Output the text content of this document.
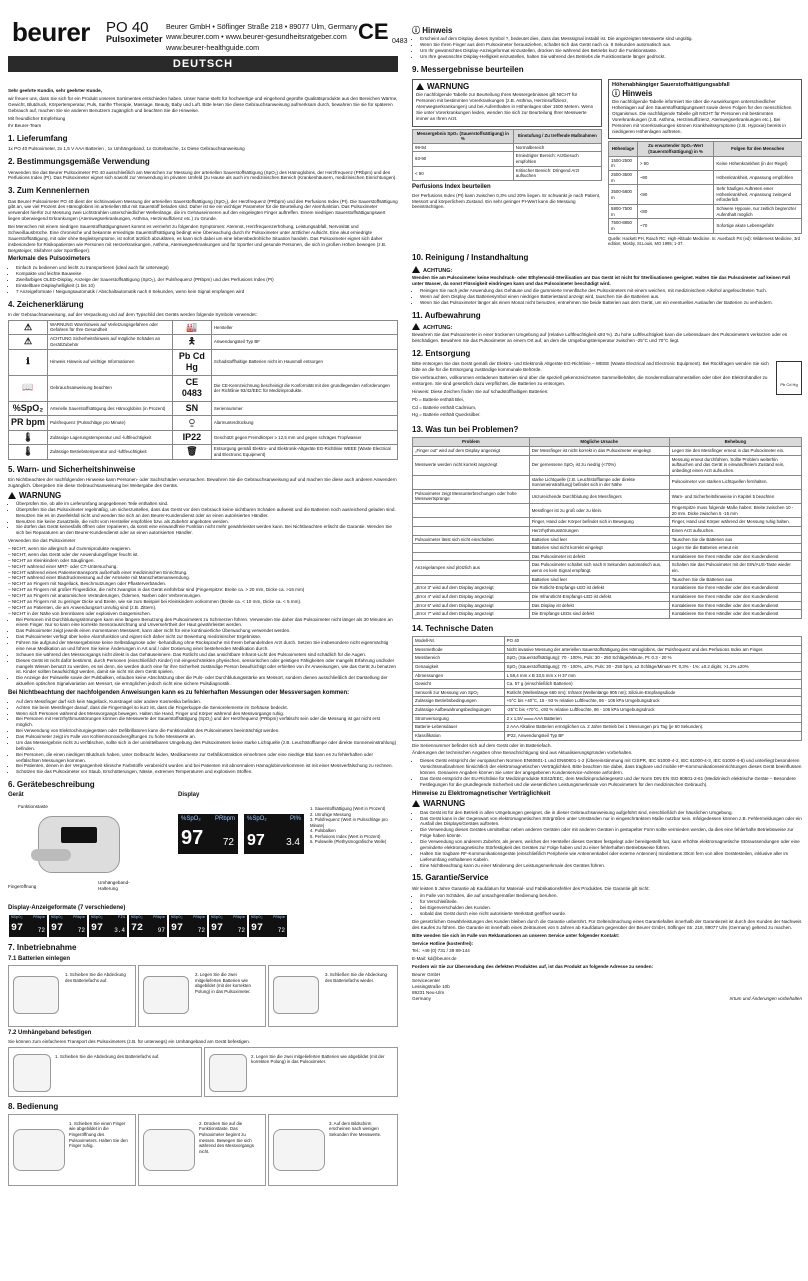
beurer PO 40
Pulsoximeter
Beurer GmbH • Söflinger Straße 218 • 89077 Ulm, Germany
www.beurer.com • www.beurer-gesundheitsratgeber.com
www.beurer-healthguide.com
CE 0483
DEUTSCH

Sehr geehrte Kundin, sehr geehrter Kunde,

wir freuen uns, dass Sie sich für ein Produkt unseres Sortimentes entschieden haben. Unser Name steht für hochwertige und eingehend geprüfte Qualitätsprodukte aus den Bereichen Wärme, Gewicht, Blutdruck, Körpertemperatur, Puls, Sanfte Therapie, Massage, Beauty, Baby und Luft. Bitte lesen Sie diese Gebrauchsanweisung aufmerksam durch, bewahren Sie sie für späteren Gebrauch auf, machen Sie sie anderen Benutzern zugänglich und beachten Sie die Hinweise.

Mit freundlicher Empfehlung

Ihr Beurer-Team

1. Lieferumfang

1x PO 40 Pulsoximeter, 2x 1,5 V AAA Batterien , 1x Umhängeband, 1x Gürteltasche, 1x Diese Gebrauchsanweisung

2. Bestimmungsgemäße Verwendung

Verwenden Sie das Beurer Pulsoximeter PO 40 ausschließlich am Menschen zur Messung der arteriellen Sauerstoffsättigung (SpO₂) des Hämoglobins, der Herzfrequenz (PRbpm) und des Perfusions Index (PI). Das Pulsoximeter eignet sich sowohl zur Verwendung im privaten Umfeld (zu Hause als auch im medizinischen Bereich (Krankenhäusern, medizinischen Einrichtungen).

3. Zum Kennenlernen

Das Beurer Pulsoximeter PO 40 dient der nichtinvasiven Messung der arteriellen Sauerstoffsättigung (SpO₂), der Herzfrequenz (PRbpm) und des Perfusions Index (PI). Die Sauerstoffsättigung gibt an, wie viel Prozent des Hämoglobins im arteriellen Blut mit Sauerstoff beladen sind. Daher ist sie ein wichtiger Parameter für die Beurteilung der Atemfunktion. Das Pulsoximeter verwendet hierfür zur Messung zwei Lichtstrahlen unterschiedlicher Wellenlänge, die im Gehäuseinneren auf den eingelegten Finger auftreffen. Einem niedrigen Sauerstoffsättigungswert liegen überwiegend Erkrankungen (Atemwegserkrankungen, Asthma, Herzinsuffizienz etc.) zu Grunde.

Bei Menschen mit einem niedrigen Sauerstoffsättigungswert kommt es vermehrt zu folgenden Symptomen: Atemnot, Herzfrequenzerhöhung, Leistungsabfall, Nervosität und Schweißausbrüche. Eine chronische und bekannte erniedrigte Sauerstoffsättigung bedingt eine Überwachung durch Ihr Pulsoximeter unter ärztlicher Aufsicht. Eine akut erniedrigte Sauerstoffsättigung, mit oder ohne Begleitsymptome, ist sofort ärztlich abzuklären, es kann sich dabei um eine lebensbedrohliche Situation handeln. Das Pulsoximeter eignet sich daher insbesondere für Risikopatienten wie Personen mit Herzerkrankungen, Asthma, Atemwegserkrankungen und für Sportler und gesunde Personen, die sich in großen Höhen bewegen (z.B. Bergsteiger, Skifahrer oder Sportflieger).

Merkmale des Pulsoximeters
• Einfach zu bedienen und leicht zu transportieren (ideal auch für unterwegs)
• Kompakte und leichte Bauweise
• Zweifarbiges OLED-Display, Anzeige der Sauerstoffsättigung (SpO₂), der Pulsfrequenz (PRbpm) und des Perfusions Index (PI)
• Einstellbare Displayhelligkeit (1 bis 10)
• 7 Anzeigeformate / Neigungsautomatik / Abschaltautomatik nach 8 Sekunden, wenn kein Signal empfangen wird
4. Zeichenerklärung

In der Gebrauchsanweisung, auf der Verpackung und auf dem Typschild des Geräts werden folgende Symbole verwendet:

⚠	WARNUNG Warnhinweis auf Verletzungsgefahren oder Gefahren für Ihre Gesundheit	🏭	Hersteller
⚠	ACHTUNG Sicherheitshinweis auf mögliche Schäden an Gerät/Zubehör	🯅	Anwendungsteil Typ BF
ℹ	Hinweis Hinweis auf wichtige Informationen	Pb Cd Hg	Schadstoffhaltige Batterien nicht im Hausmüll entsorgen
📖	Gebrauchsanweisung beachten	CE 0483	Die CE-Kennzeichnung bescheinigt die Konformität mit den grundlegenden Anforderungen der Richtlinie 93/42/EEC für Medizinprodukte.
%SpO₂	Arterielle Sauerstoffsättigung des Hämoglobins (in Prozent)	SN	Seriennummer
PR bpm	Pulsfrequenz (Pulsschläge pro Minute)	⍜	Alarmunterdrückung
🌡	Zulässige Lagerungstemperatur und -luftfeuchtigkeit	IP22	Geschützt gegen Fremdkörper ≥ 12,5 mm und gegen schräges Tropfwasser
🌡	Zulässige Betriebstemperatur und -luftfeuchtigkeit	🗑	Entsorgung gemäß Elektro- und Elektronik-Altgeräte EG-Richtlinie WEEE (Waste Electrical and Electronic Equipment)
5. Warn- und Sicherheitshinweise

Ein Nichtbeachten der nachfolgenden Hinweise kann Personen- oder Sachschäden verursachen. Bewahren Sie die Gebrauchsanweisung auf und machen Sie diese auch anderen Anwendern zugänglich. Übergeben Sie diese Gebrauchsanweisung bei Weitergabe des Geräts.

WARNUNG
• Überprüfen Sie, ob alle im Lieferumfang angegebenen Teile enthalten sind.
• Überprüfen Sie das Pulsoximeter regelmäßig, um sicherzustellen, dass das Gerät vor dem Gebrauch keine sichtbaren Schäden aufweist und die Batterien noch ausreichend geladen sind. Benutzen Sie es im Zweifelsfall nicht und wenden Sie sich an den Beurer-Kundendienst oder an einen autorisierten Händler.
• Benutzen Sie keine Zusatzteile, die nicht vom Hersteller empfohlen bzw. als Zubehör angeboten werden.
• Sie dürfen das Gerät keinesfalls öffnen oder reparieren, da sonst eine einwandfreie Funktion nicht mehr gewährleistet werden kann. Bei Nichtbeachten erlischt die Garantie. Wenden Sie sich bei Reparaturen an den Beurer-Kundendienst oder an einen autorisierten Händler.

Verwenden Sie das Pulsoximeter

– NICHT, wenn Sie allergisch auf Gummiprodukte reagieren.
– NICHT, wenn das Gerät oder der Anwendungsfinger feucht ist.
– NICHT an Kleinkindern oder Säuglingen.
– NICHT während einer MRT- oder CT-Untersuchung.
– NICHT während eines Patiententransports außerhalb einer medizinischen Einrichtung.
– NICHT während einer Blutdruckmessung auf der Armseite mit Manschettenanwendung.
– NICHT an Fingern mit Nagellack, Beschmutzungen oder Pflasterverbänden.
– NICHT an Fingern mit großer Fingerdicke, die nicht zwanglos in das Gerät einführbar sind (Fingerspitze: Breite ca. > 20 mm, Dicke ca. >15 mm)
– NICHT an Fingern mit anatomischen Veränderungen, Ödemen, Narben oder Verbrennungen.
– NICHT an Fingern mit zu geringer Dicke und Breite, wie sie zum Beispiel bei Kleinkindern vorkommen (Breite ca. < 10 mm, Dicke ca. < 5 mm).
– NICHT an Patienten, die am Anwendungsort unruhig sind (z.B. Zittern).
– NICHT in der Nähe von brennbaren oder explosiven Gasgemischen.
• Bei Personen mit Durchblutungsstörungen kann eine längere Benutzung des Pulsoximeters zu Schmerzen führen. Verwenden Sie daher das Pulsoximeter nicht länger als 30 Minuten an einem Finger. Nur so kann eine korrekte Sensorausrichtung und Unversehrtheit der Haut gewährleistet werden.
• Das Pulsoximeter zeigt jeweils einen momentanen Messwert, kann aber nicht für eine kontinuierliche Überwachung verwendet werden.
• Das Pulsoximeter verfügt über keine Alarmfunktion und eignet sich daher nicht zur Bewertung medizinischer Ergebnisse.
• Führen Sie aufgrund der Messergebnisse keine Selbstdiagnose oder -behandlung ohne Rücksprache mit Ihrem behandelnden Arzt durch. Setzen Sie insbesondere nicht eigenmächtig eine neue Medikation an und führen Sie keine Änderungen in Art und / oder Dosierung einer bestehenden Medikation durch.
• Schauen Sie während des Messvorgangs nicht direkt in das Gehäuseinnere. Das Rotlicht und das unsichtbare Infrarot-Licht des Pulsoximeters sind schädlich für die Augen.
• Dieses Gerät ist nicht dafür bestimmt, durch Personen (einschließlich Kinder) mit eingeschränkten physischen, sensorischen oder geistigen Fähigkeiten oder mangels Erfahrung und/oder mangels Wissen benutzt zu werden, es sei denn, sie werden durch eine für ihre Sicherheit zuständige Person beaufsichtigt oder erhielten von ihr Anweisungen, wie das Gerät zu benutzen ist. Kinder sollten beaufsichtigt werden, damit sie nicht mit dem Gerät spielen.
• Die Anzeige der Pulswelle sowie der Pulsbalken, erlauben keine Abschätzung über die Puls- oder Durchblutungsstärke am Messort, sondern dienen ausschließlich der Darstellung der aktuellen optischen Signalvariation am Messort, sie ermöglichen jedoch nicht eine sichere Pulsdiagnostik.
Bei Nichtbeachtung der nachfolgenden Anweisungen kann es zu fehlerhaften Messungen oder Messversagen kommen:
• Auf dem Messfinger darf sich kein Nagellack, Kunstnagel oder andere Kosmetika befinden.
• Achten Sie beim Messfinger darauf, dass die Fingernägel so kurz ist, dass die Fingerkuppe die Sensorelemente im Gehäuse bedeckt.
• Wenn sich Personen während des Messvorgangs bewegen. Halten Sie Hand, Finger und Körper während des Messvorgangs ruhig.
• Bei Personen mit Herzrhythmusstörungen können die Messwerte der Sauerstoffsättigung (SpO₂) und der Herzfrequenz (PRbpm) verfälscht sein oder die Messung ist gar nicht erst möglich.
• Bei Verwendung von Elektrochirurgiegeräten oder Defibrillatoren kann die Funktionalität des Pulsoximeters beeinträchtigt werden.
• Das Pulsoximeter zeigt im Falle von Kohlenmonoxidvergiftungen zu hohe Messwerte an.
• Um das Messergebnis nicht zu verfälschen, sollte sich in der unmittelbaren Umgebung des Pulsoximeters keine starke Lichtquelle (z.B. Leuchtstofflampe oder direkte Sonneneinstrahlung) befinden.
• Bei Personen, die einen niedrigen Blutdruck haben, unter Gelbsucht leiden, Medikamente zur Gefäßkontraktion einnehmen oder eine niedrige Blut kann es zu fehlerhaften oder verfälschten Messungen kommen.
• Bei Patienten, denen in der Vergangenheit klinische Farbstoffe verabreicht wurden und bei Patienten mit abnormalem Hämoglobinvorkommen ist mit einer Messverfälschung zu rechnen.
• Schützen Sie das Pulsoximeter vor Staub, Erschütterungen, Nässe, extremen Temperaturen und explosiven Stoffen.
6. Gerätebeschreibung
Gerät
Funktionstaste
Fingeröffnung
Umhängeband-Halterung
Display
%SpO₂ PRbpm
97 72
%SpO₂	PI%
97 3.4
1. Sauerstoffsättigung (Wert in Prozent)
2. Unruhige Messung
3. Pulsfrequenz (Wert in Pulsschläge pro Minute)
4. Pulsbalken
5. Perfusions Index (Wert in Prozent)
6. Pulswelle (Plethysmografische Welle)
Display-Anzeigeformate (7 verschiedene)
%SpO₂ PRbpm
97 72
%SpO₂ PRbpm
97 72
%SpO₂	PI%
97 3.4
%SpO₂ PRbpm
72 97
%SpO₂ PRbpm
97 72
%SpO₂ PRbpm
97 72
%SpO₂ PRbpm
97 72
7. Inbetriebnahme
7.1 Batterien einlegen
1. Schieben Sie die Abdeckung des Batteriefachs auf.
2. Legen Sie die zwei mitgelieferten Batterien wie abgebildet (mit der korrekten Polung) in das Pulsoximeter.
3. Schließen Sie die Abdeckung des Batteriefachs wieder.
7.2 Umhängeband befestigen

Sie können zum einfacheren Transport des Pulsoximeters (z.B. für unterwegs) ein Umhängeband am Gerät befestigen.

1. Schieben Sie die Abdeckung des Batteriefachs auf.	2. Legen Sie die zwei mitgelieferten Batterien wie abgebildet (mit der korrekten Polung) in das Pulsoximeter.
8. Bedienung
1. Schieben Sie einen Finger wie abgebildet in die Fingeröffnung des Pulsoximeters. Halten Sie den Finger ruhig.
2. Drücken Sie auf die Funktionstaste. Das Pulsoximeter beginnt zu messen. Bewegen Sie sich während des Messvorgangs nicht.
3. Auf dem Bildschirm erscheinen nach wenigen Sekunden Ihre Messwerte.
ⓘ Hinweis
• Erscheint auf dem Display dieses Symbol ?, bedeutet dies, dass das Messsignal instabil ist. Die angezeigten Messwerte sind ungültig.
• Wenn Sie Ihren Finger aus dem Pulsoximeter herausziehen, schaltet sich das Gerät nach ca. 8 Sekunden automatisch aus.
• Um Ihr gewünschtes Display-Anzeigeformat einzustellen, drücken Sie während des Betriebs kurz die Funktionstaste.
• Um Ihre gewünschte Display-Helligkeit einzustellen, halten Sie während des Betriebs die Funktionstaste länger gedrückt.
9. Messergebnisse beurteilen
WARNUNG

Die nachfolgende Tabelle zur Beurteilung Ihres Messergebnisses gilt NICHT für Personen mit bestimmten Vorerkrankungen (z.B. Asthma, Herzinsuffizienz, Atemwegserkrankungen) und bei Aufenthalten in Höhenlagen über 1500 Metern. Wenn Sie unter Vorerkrankungen leiden, wenden Sie sich zur Beurteilung Ihrer Messwerte immer an Ihren Arzt.

Messergebnis SpO₂ (Sauerstoffsättigung) in %	Einstufung / Zu treffende Maßnahmen
99-94	Normalbereich
93-90	Erniedrigter Bereich: Arztbesuch empfohlen
< 90	Kritischer Bereich: Dringend Arzt aufsuchen
Perfusions Index beurteilen

Der Perfusions Index (PI) kann zwischen 0,3% und 20% liegen. Er schwankt je nach Patient, Messort und körperlichem Zustand. Ein sehr geringer PI-Wert kann die Messung beeinträchtigen.

Höhenabhängiger Sauerstoffsättigungsabfall
ⓘ Hinweis

Die nachfolgende Tabelle informiert Sie über die Auswirkungen unterschiedlicher Höhenlagen auf den Sauerstoffsättigungswert sowie deren Folgen für den menschlichen Organismus. Die nachfolgende Tabelle gilt NICHT für Personen mit bestimmten Vorerkrankungen (z.B. Asthma, Herzinsuffizienz, Atemwegserkrankungen etc.). Bei Personen mit Vorerkrankungen können Krankheitssymptome (z.B. Hypoxie) bereits in niedrigeren Höhenlagen auftreten.

Höhenlage	Zu erwartender SpO₂-Wert (Sauerstoffsättigung) in %	Folgen für den Menschen
1500-2500 m	> 90	Keine Höhenkrankheit (in der Regel)
2500-3500 m	~90	Höhenkrankheit, Anpassung empfohlen
3500-5800 m	<90	Sehr häufiges Auftreten einer Höhenkrankheit, Anpassung zwingend erforderlich
5800-7500 m	<80	Schwere Hypoxie, nur zeitlich begrenzter Aufenthalt möglich
7500-8850 m	~70	Sofortige akute Lebensgefahr

Quelle: Hackett PH, Roach RC: High-Altitude Medicine. In: Auerbach PS (ed): Wilderness Medicine, 3rd edition; Mosby, St.Louis, MO 1995; 1-37.

10. Reinigung / Instandhaltung
ACHTUNG:

Wenden Sie am Pulsoximeter keine Hochdruck- oder Ethylenoxid-Sterilisation an! Das Gerät ist nicht für Sterilisationen geeignet. Halten Sie das Pulsoximeter auf keinen Fall unter Wasser, da sonst Flüssigkeit eindringen kann und das Pulsoximeter beschädigt wird.

• Reinigen Sie nach jeder Anwendung das Gehäuse und die gummierte Innenfläche des Pulsoximeters mit einem weichen, mit medizinischem Alkohol angefeuchteten Tuch.
• Wenn auf dem Display das Batteriesymbol einen niedrigen Batteriestand anzeigt wird, tauschen Sie die Batterien aus.
• Wenn Sie das Pulsoximeter länger als einen Monat nicht benutzen, entnehmen Sie beide Batterien aus dem Gerät, um ein eventuelles Auslaufen der Batterien zu verhindern.
11. Aufbewahrung
ACHTUNG:

Bewahren Sie das Pulsoximeter in einer trockenen Umgebung auf (relative Luftfeuchtigkeit ≤93 %). Zu hohe Luftfeuchtigkeit kann die Lebensdauer des Pulsoximeters verkürzen oder es beschädigen. Bewahren Sie das Pulsoximeter an einem Ort auf, an dem die Umgebungstemperatur zwischen -25°C und 70°C liegt.

12. Entsorgung

Bitte entsorgen Sie das Gerät gemäß der Elektro- und Elektronik Altgeräte EG-Richtlinie – WEEE (Waste Electrical and Electronic Equipment). Bei Rückfragen wenden Sie sich bitte an die für die Entsorgung zuständige kommunale Behörde.

Die verbrauchten, vollkommen entladenen Batterien sind über die speziell gekennzeichneten Sammelbehälter, die Sondermüllannahmestellen oder über den Elektrohändler zu entsorgen. Sie sind gesetzlich dazu verpflichtet, die Batterien zu entsorgen.

Hinweis: Diese Zeichen finden Sie auf schadstoffhaltigen Batterien:

Pb = Batterie enthält Blei,

Cd = Batterie enthält Cadmium,

Hg = Batterie enthält Quecksilber.

Pb Cd Hg
13. Was tun bei Problemen?
Problem	Mögliche Ursache	Behebung
„Finger out“ wird auf dem Display angezeigt	Der Messfinger ist nicht korrekt in das Pulsoximeter eingelegt	Legen Sie den Messfinger erneut in das Pulsoximeter ein.
Messwerte werden nicht korrekt angezeigt	Der gemessene SpO₂ ist zu niedrig (<70%)	Messung erneut durchführen. Sollte Problem weiterhin auftauchen und das Gerät in einwandfreiem Zustand sein, unbedingt einen Arzt aufsuchen.
	starke Lichtquelle (z.B. Leuchtstofflampe oder direkte Sonneneinstrahlung) befindet sich in der Nähe	Pulsoximeter von starken Lichtquellen fernhalten.
Pulsoximeter zeigt Messunterbrechungen oder hohe Messwertsprünge	Unzureichende Durchblutung des Messfingers	Warn- und Sicherheitshinweise in Kapitel 5 beachten
	Messfinger ist zu groß oder zu klein.	Fingerspitze muss folgende Maße haben: Breite zwischen 10 - 20 mm. Dicke zwischen 5 -15 mm
	Finger, Hand oder Körper befindet sich in Bewegung	Finger, Hand und Körper während der Messung ruhig halten.
	Herzrhythmusstörungen	Einen Arzt aufsuchen.
Pulsoximeter lässt sich nicht einschalten	Batterien sind leer	Tauschen Sie die Batterien aus
	Batterien sind nicht korrekt eingelegt	Legen Sie die Batterien erneut ein
	Das Pulsoximeter ist defekt	Kontaktieren Sie Ihren Händler oder den Kundendienst
Anzeigelampen sind plötzlich aus	Das Pulsoximeter schaltet sich nach 8 Sekunden automatisch aus, wenn es kein Signal empfängt.	Schalten Sie das Pulsoximeter mit der EIN/AUS-Taste wieder ein.
	Batterien sind leer	Tauschen Sie die Batterien aus
„Error 3“ wird auf dem Display angezeigt	Die Rotlicht-Empfangs-LED ist defekt	Kontaktieren Sie Ihren Händler oder den Kundendienst
„Error 4“ wird auf dem Display angezeigt	Die Infrarotlicht-Empfangs-LED ist defekt	Kontaktieren Sie Ihren Händler oder den Kundendienst
„Error 6“ wird auf dem Display angezeigt	Das Display ist defekt	Kontaktieren Sie Ihren Händler oder den Kundendienst
„Error 7“ wird auf dem Display angezeigt	Die Empfangs-LEDs sind defekt	Kontaktieren Sie Ihren Händler oder den Kundendienst
14. Technische Daten
Modell-Nr.	PO 40
Messmethode	Nicht invasive Messung der arteriellen Sauerstoffsättigung des Hämoglobins, der Pulsfrequenz und des Perfusions Index am Finger.
Messbereich	SpO₂ (Sauerstoffsättigung): 70 - 100%, Puls: 30 - 250 Schläge/Minute, PI: 0.3 - 20 %
Genauigkeit	SpO₂ (Sauerstoffsättigung): 70 - 100%, ±2%, Puls: 30 - 250 bpm, ±2 Schläge/Minute PI: 0,3% - 1%: ±0.2 digits; >1,1% ±20%
Abmessungen	L 58,4 mm x B 33,5 mm x H 37 mm
Gewicht	Ca. 57 g (einschließlich Batterien)
Sensorik zur Messung von SpO₂	Rotlicht (Wellenlänge 660 nm); Infrarot (Wellenlänge 905 nm); Silizium-Empfangsdiode
Zulässige Betriebsbedingungen	+5°C bis +40°C, 15 - 93 % relative Luftfeuchte, 86 - 106 kPa Umgebungsdruck
Zulässige Aufbewahrungsbedingungen	-25°C bis +70°C, ≤93 % relative Luftfeuchte, 86 - 106 kPa Umgebungsdruck
Stromversorgung	2 x 1,5V ═══ AAA Batterien
Batterie-Lebensdauer	2 AAA Alkaline Batterien ermöglichen ca. 2 Jahre Betrieb bei 1 Messungen pro Tag (je 60 Sekunden).
Klassifikation	IP22, Anwendungsteil Typ BF

Die Seriennummer befindet sich auf dem Gerät oder im Batteriefach.

Änderungen der technischen Angaben ohne Benachrichtigung sind aus Aktualisierungsgründen vorbehalten.

• Dieses Gerät entspricht der europäischen Normen EN60601-1 und EN60601-1-2 (Übereinstimmung mit CISPR, IEC 61000-4-2, IEC 61000-4-3, IEC 61000-4-8) und unterliegt besonderen Vorsichtsmaßnahmen hinsichtlich der elektromagnetischen Verträglichkeit. Bitte beachten Sie dabei, dass tragbare und mobile HF-Kommunikationseinrichtungen dieses Gerät beeinflussen können. Genauere Angaben können Sie unter der angegebenen Kundenservice-Adresse anfordern.
• Das Gerät entspricht der EU-Richtlinie für Medizinprodukte 93/42/EEC, dem Medizinproduktegesetz und der Norm DIN EN ISO 80601-2-61 (Medizinisch elektrische Geräte – Besondere Festlegungen für die grundlegende Sicherheit und die wesentlichen Leistungsmerkmale von Pulsoximetern für den medizinischen Gebrauch).
Hinweise zu Elektromagnetischer Verträglichkeit
WARNUNG
• Das Gerät ist für den Betrieb in allen Umgebungen geeignet, die in dieser Gebrauchsanweisung aufgeführt sind, einschließlich der häuslichen Umgebung.
• Das Gerät kann in der Gegenwart von elektromagnetischen Störgrößen unter Umständen nur in eingeschränktem Maße nutzbar sein. Infolgedessen können z.B. Fehlermeldungen oder ein Ausfall des Displays/Gerätes auftreten.
• Die Verwendung dieses Gerätes unmittelbar neben anderen Geräten oder mit anderen Geräten in gestapelter Form sollte vermieden werden, da dies eine fehlerhafte Betriebsweise zur Folge haben könnte.
• Die Verwendung von anderem Zubehör, als jenem, welches der Hersteller dieses Gerätes festgelegt oder bereitgestellt hat, kann erhöhte elektromagnetische Störaussendungen oder eine geminderte elektromagnetische Störfestigkeit des Gerätes zur Folge haben und zu einer fehlerhaften Betriebsweise führen.
• Halten Sie tragbare RF-Kommunikationsgeräte (einschließlich Peripherie wie Antennenkabel oder externe Antennen) mindestens 30cm fern von allen Gerätesteilen, inklusive aller im Lieferumfang enthaltenen Kabeln.
• Eine Nichtbeachtung kann zu einer Minderung der Leistungsmerkmale des Gerätes führen.
15. Garantie/Service

Wir leisten 5 Jahre Garantie ab Kaufdatum für Material- und Fabrikationsfehler des Produktes. Die Garantie gilt nicht:

• im Falle von Schäden, die auf unsachgemäßer Bedienung beruhen.
• für Verschleißteile.
• bei Eigenverschulden des Kunden.
• sobald das Gerät durch eine nicht autorisierte Werkstatt geöffnet wurde.

Die gesetzlichen Gewährleistungen des Kunden bleiben durch die Garantie unberührt. Für Geltendmachung eines Garantiefalles innerhalb der Garantiezeit ist durch den Kunden der Nachweis des Kaufes zu führen. Die Garantie ist innerhalb eines Zeitraumes von 5 Jahren ab Kaufdatum gegenüber der Beurer GmbH, Söflinger Str. 218, 89077 Ulm (Germany) geltend zu machen.

Bitte wenden Sie sich im Falle von Reklamationen an unseren Service unter folgender Kontakt:

Service Hotline (kostenfrei):

Tel.: +49 (0) 731 / 39 89-144

E-Mail: kd@beurer.de

Fordern wir Sie zur Übersendung des defekten Produktes auf, ist das Produkt an folgende Adresse zu senden:

Beurer GmbH
Servicecenter
Lessingstraße 10b
89231 Neu-Ulm
Germany	Irrtum und Änderungen vorbehalten
